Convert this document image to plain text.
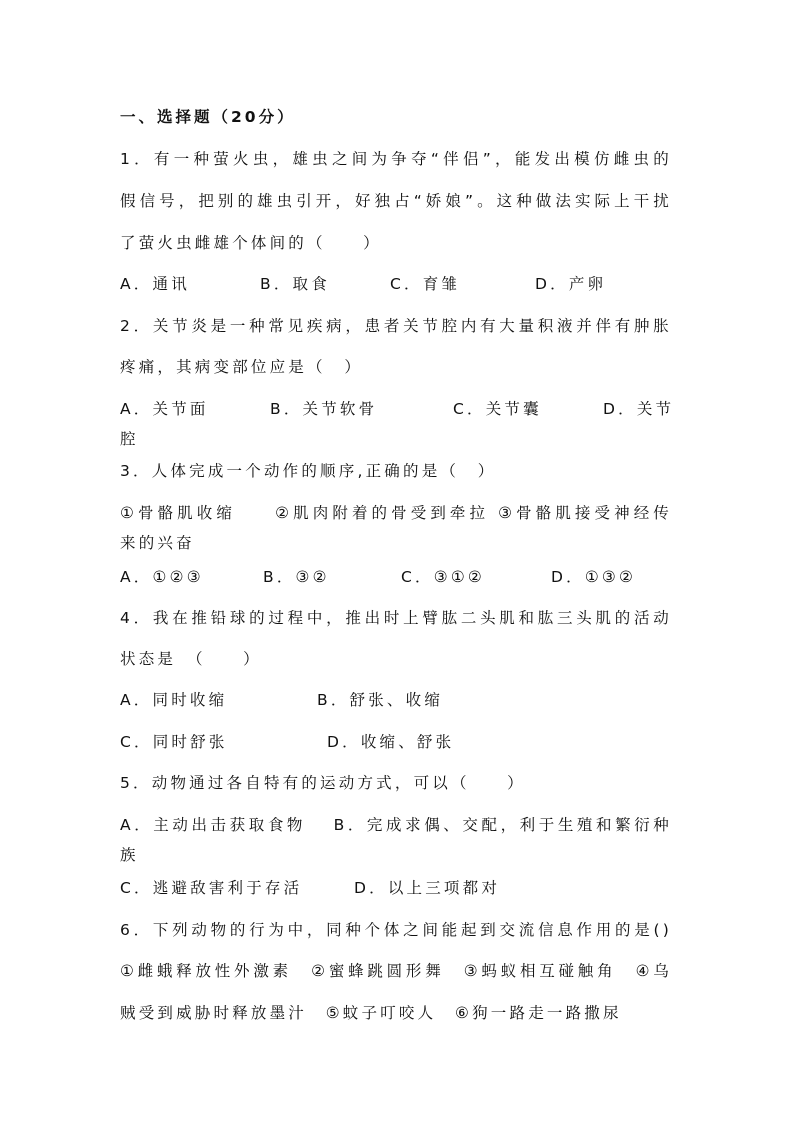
一、选择题（20分）
1．有一种萤火虫，雄虫之间为争夺“伴侣”，能发出模仿雌虫的
假信号，把别的雄虫引开，好独占“娇娘”。这种做法实际上干扰
了萤火虫雌雄个体间的（　　）
A．通讯	B．取食	C．育雏	D．产卵
2．关节炎是一种常见疾病，患者关节腔内有大量积液并伴有肿胀
疼痛，其病变部位应是（　）
A．关节面	B．关节软骨	C．关节囊	D．关节
腔
3．人体完成一个动作的顺序,正确的是（　）
①骨骼肌收缩　　②肌肉附着的骨受到牵拉 ③骨骼肌接受神经传
来的兴奋
A．①②③	B．③②	C．③①②	D．①③②
4．我在推铅球的过程中，推出时上臂肱二头肌和肱三头肌的活动
状态是　（　　）
A．同时收缩	B．舒张、收缩
C．同时舒张	D．收缩、舒张
5．动物通过各自特有的运动方式，可以（　　）
A．主动出击获取食物　 B．完成求偶、交配，利于生殖和繁衍种
族
C．逃避敌害利于存活	D．以上三项都对
6．下列动物的行为中，同种个体之间能起到交流信息作用的是()
①雌蛾释放性外激素　②蜜蜂跳圆形舞　③蚂蚁相互碰触角　④乌
贼受到威胁时释放墨汁　⑤蚊子叮咬人　⑥狗一路走一路撒尿
